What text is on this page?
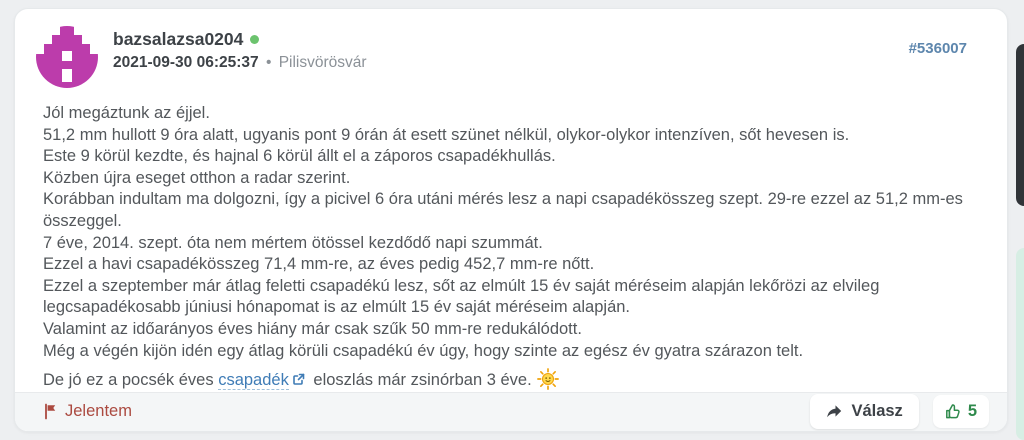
bazsalazsa0204
2021-09-30 06:25:37 • Pilisvörösvár
#536007
Jól megáztunk az éjjel.
51,2 mm hullott 9 óra alatt, ugyanis pont 9 órán át esett szünet nélkül, olykor-olykor intenzíven, sőt hevesen is.
Este 9 körül kezdte, és hajnal 6 körül állt el a záporos csapadékhullás.
Közben újra eseget otthon a radar szerint.
Korábban indultam ma dolgozni, így a picivel 6 óra utáni mérés lesz a napi csapadékösszeg szept. 29-re ezzel az 51,2 mm-es összeggel.
7 éve, 2014. szept. óta nem mértem ötössel kezdődő napi szummát.
Ezzel a havi csapadékösszeg 71,4 mm-re, az éves pedig 452,7 mm-re nőtt.
Ezzel a szeptember már átlag feletti csapadékú lesz, sőt az elmúlt 15 év saját méréseim alapján lekőrözi az elvileg legcsapadékosabb júniusi hónapomat is az elmúlt 15 év saját méréseim alapján.
Valamint az időarányos éves hiány már csak szűk 50 mm-re redukálódott.
Még a végén kijön idén egy átlag körüli csapadékú év úgy, hogy szinte az egész év gyatra szárazon telt.
De jó ez a pocsék éves csapadék eloszlás már zsinórban 3 éve.
Jelentem	Válasz	5
